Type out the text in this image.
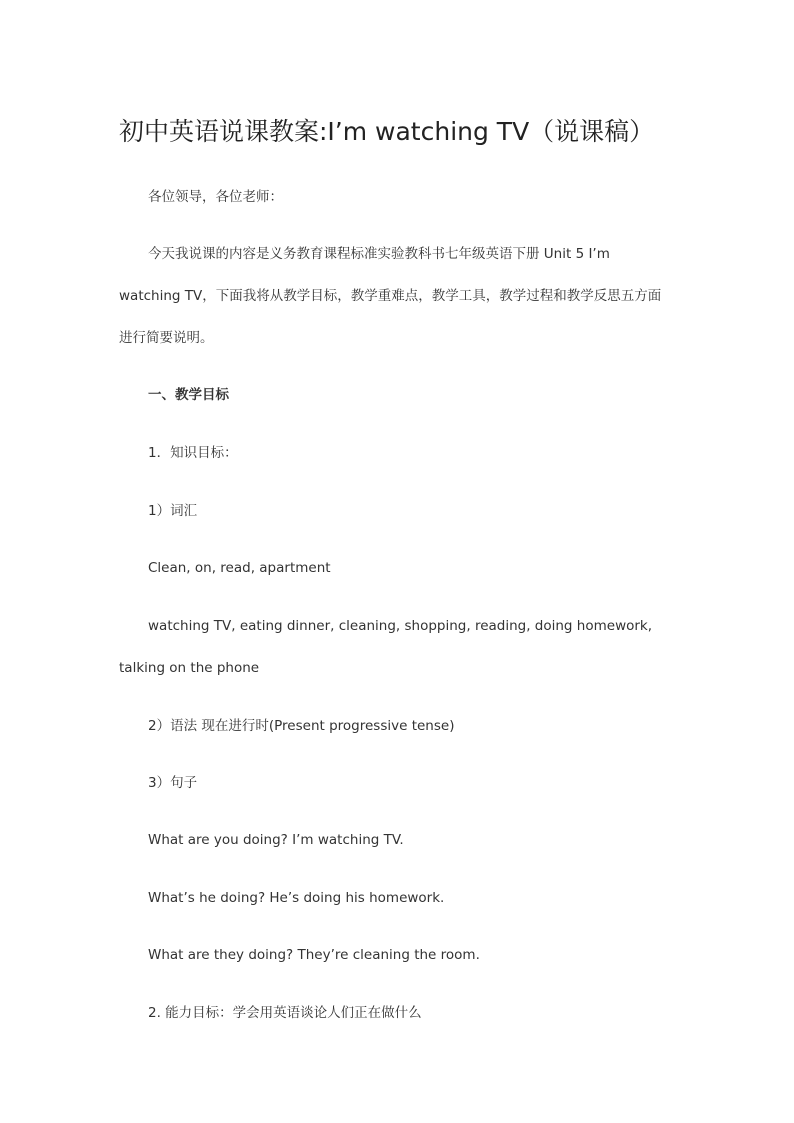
初中英语说课教案:I’m watching TV（说课稿）
各位领导，各位老师：
今天我说课的内容是义务教育课程标准实验教科书七年级英语下册 Unit 5 I’m
watching TV，下面我将从教学目标，教学重难点，教学工具，教学过程和教学反思五方面
进行简要说明。
一、教学目标
1．知识目标：
1）词汇
Clean, on, read, apartment
watching TV, eating dinner, cleaning, shopping, reading, doing homework,
talking on the phone
2）语法 现在进行时(Present progressive tense)
3）句子
What are you doing? I’m watching TV.
What’s he doing? He’s doing his homework.
What are they doing? They’re cleaning the room.
2. 能力目标：学会用英语谈论人们正在做什么
